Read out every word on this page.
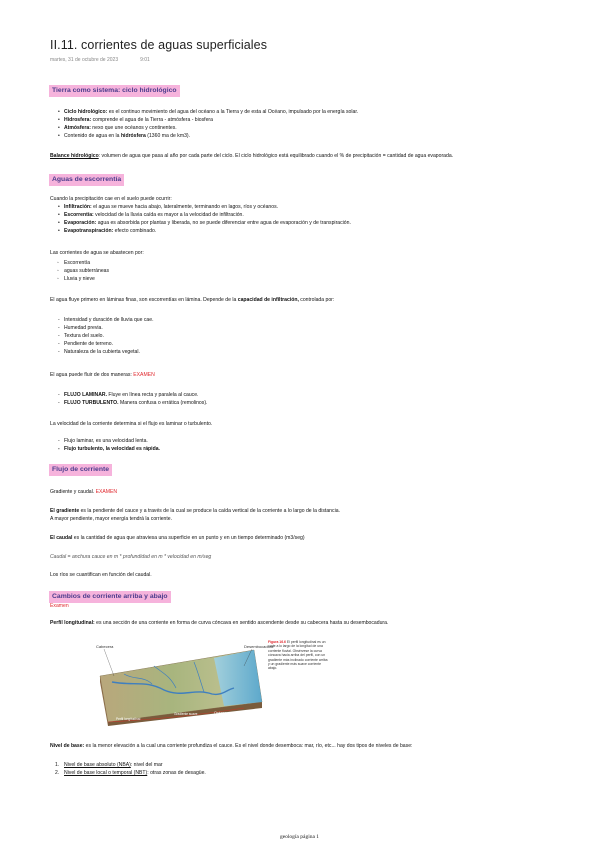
II.11. corrientes de aguas superficiales
martes, 31 de octubre de 2023	9:01
Tierra como sistema: ciclo hidrológico
• Ciclo hidrológico: es el continuo movimiento del agua del océano a la Tierra y de esta al Océano, impulsado por la energía solar.
• Hidrosfera: comprende el agua de la Tierra - atmósfera - biosfera
• Atmósfera: nexo que une océanos y continentes.
• Contenido de agua en la hidrósfera (1360 ma de km3).
Balance hidrológico: volumen de agua que pasa al año por cada parte del ciclo. El ciclo hidrológico está equilibrado cuando el % de precipitación = cantidad de agua evaporada.
Aguas de escorrentía
Cuando la precipitación cae en el suelo puede ocurrir:
• Infiltración: el agua se mueve hacia abajo, lateralmente, terminando en lagos, ríos y océanos.
• Escorrentía: velocidad de la lluvia caída es mayor a la velocidad de infiltración.
• Evaporación: agua es absorbida por plantas y liberada, no se puede diferenciar entre agua de evaporación y de transpiración.
• Evapotranspiración: efecto combinado.
Las corrientes de agua se abastecen por:
◦ Escorrentía
◦ aguas subterráneas
◦ Lluvia y nieve
El agua fluye primero en láminas finas, son escorrentías en lámina. Depende de la capacidad de infiltración, controlada por:
- Intensidad y duración de lluvia que cae.
- Humedad previa.
- Textura del suelo.
- Pendiente de terreno.
- Naturaleza de la cubierta vegetal.
El agua puede fluir de dos maneras: EXAMEN
- FLUJO LAMINAR. Fluye en línea recta y paralela al cauce.
- FLUJO TURBULENTO. Manera confusa o errática (remolinos).
La velocidad de la corriente determina si el flujo es laminar o turbulento.
- Flujo laminar, es una velocidad lenta.
- Flujo turbulento, la velocidad es rápida.
Flujo de corriente
Gradiente y caudal. EXAMEN
El gradiente es la pendiente del cauce y a través de la cual se produce la caída vertical de la corriente a lo largo de la distancia.
A mayor pendiente, mayor energía tendrá la corriente.
El caudal es la cantidad de agua que atraviesa una superficie en un punto y en un tiempo determinado (m3/seg)
Caudal = anchura cauce en m * profundidad en m * velocidad en m/seg
Los ríos se cuantifican en función del caudal.
Cambios de corriente arriba y abajo
Examen
Perfil longitudinal: es una sección de una corriente en forma de curva cóncava en sentido ascendente desde su cabecera hasta su desembocadura.
Cabecera	Desembocadura
Océano
Perfil longitudinal
Gradiente suave
Figura 16.6 El perfil longitudinal es un corte a lo largo de la longitud de una corriente fluvial. Obsérvese la curva cóncava hacia arriba del perfil, con un gradiente más inclinado corriente arriba y un gradiente más suave corriente abajo.
Nivel de base: es la menor elevación a la cual una corriente profundiza el cauce. Es el nivel donde desemboca: mar, río, etc... hay dos tipos de niveles de base:
1. Nivel de base absoluto (NBA): nivel del mar
2. Nivel de base local o temporal (NBT): otras zonas de desagüe.
geología página 1
